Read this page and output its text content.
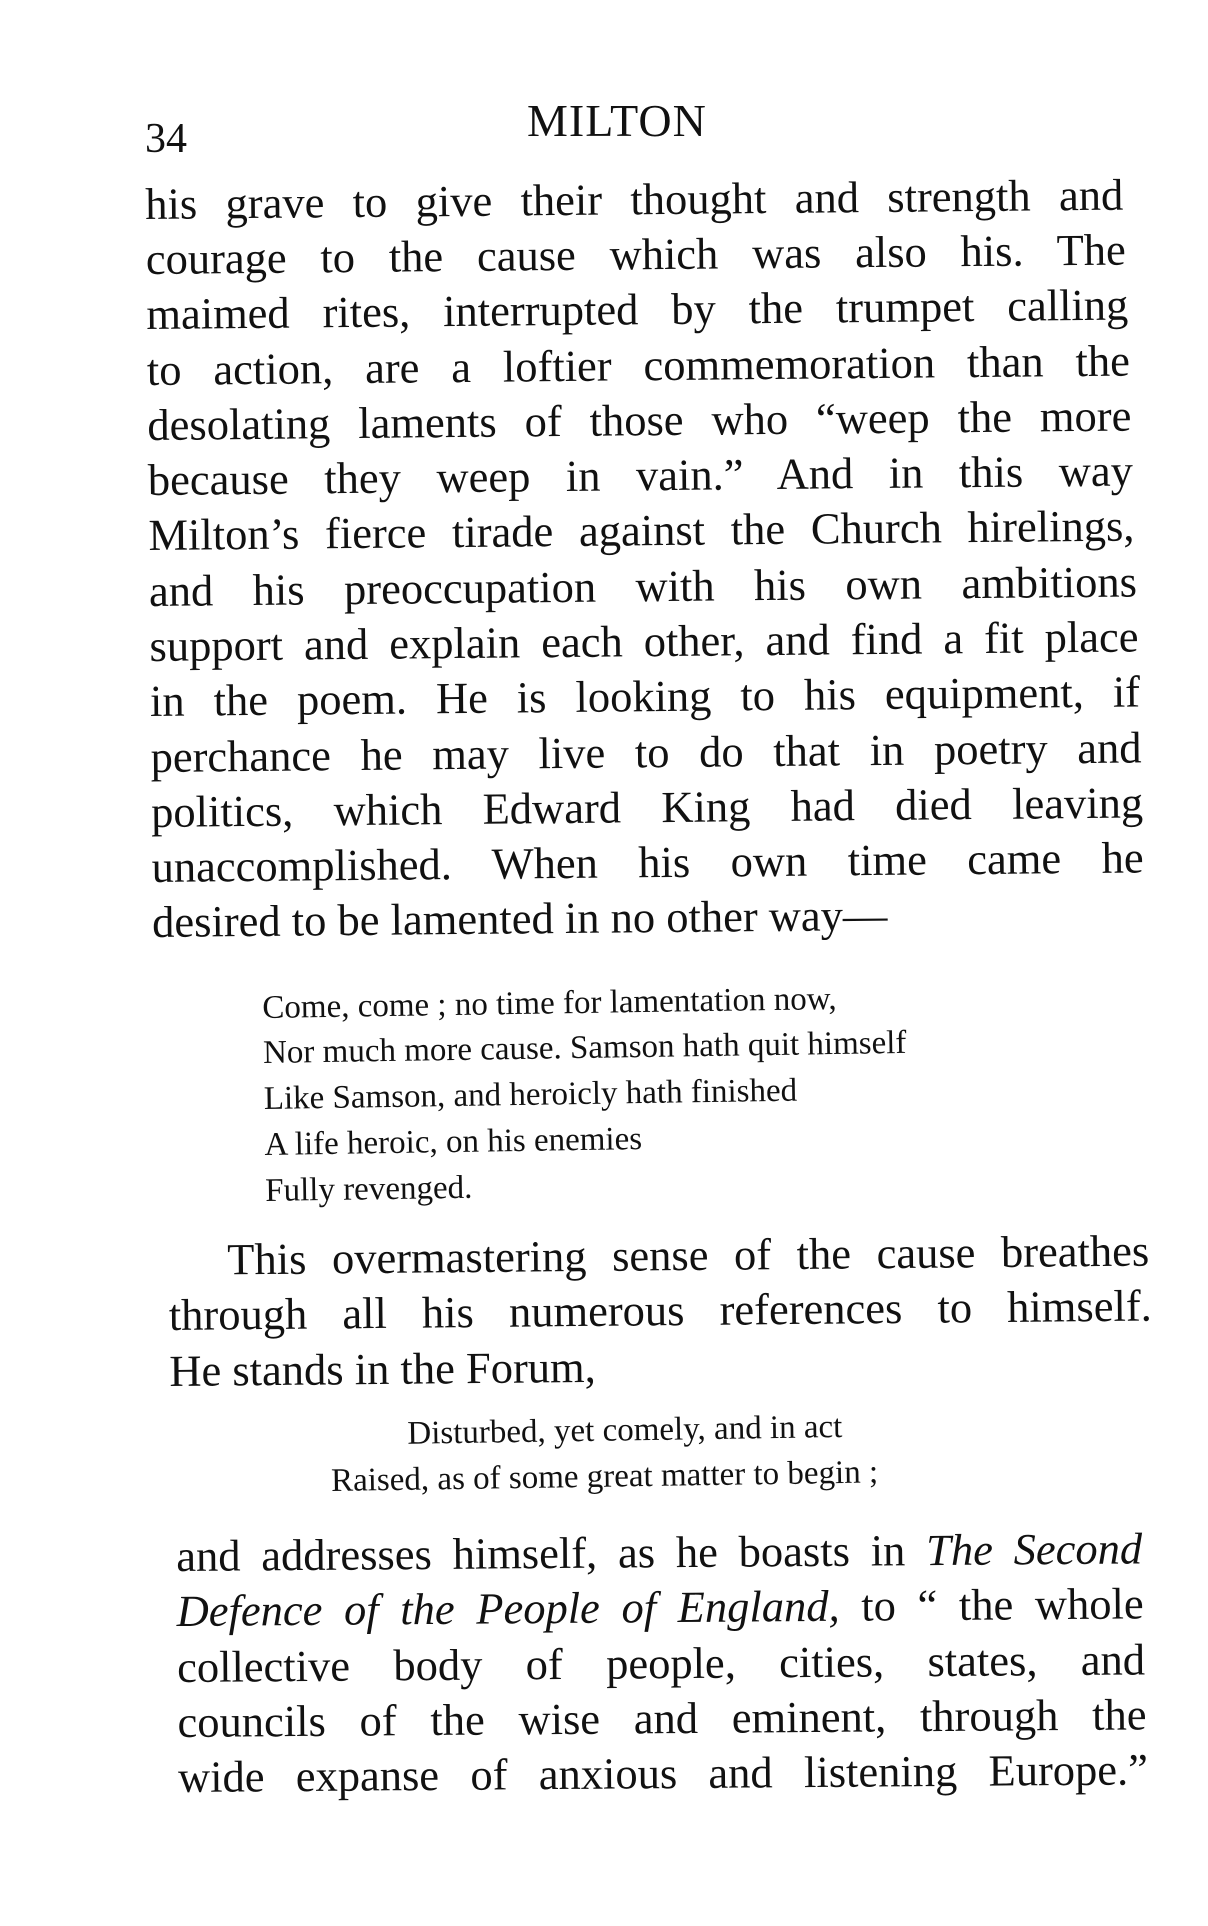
34	MILTON
his grave to give their thought and strength and
courage to the cause which was also his. The
maimed rites, interrupted by the trumpet calling
to action, are a loftier commemoration than the
desolating laments of those who “weep the more
because they weep in vain.” And in this way
Milton’s fierce tirade against the Church hirelings,
and his preoccupation with his own ambitions
support and explain each other, and find a fit place
in the poem. He is looking to his equipment, if
perchance he may live to do that in poetry and
politics, which Edward King had died leaving
unaccomplished. When his own time came he
desired to be lamented in no other way—
Come, come ; no time for lamentation now,
Nor much more cause. Samson hath quit himself
Like Samson, and heroicly hath finished
A life heroic, on his enemies
Fully revenged.
This overmastering sense of the cause breathes
through all his numerous references to himself.
He stands in the Forum,
Disturbed, yet comely, and in act
Raised, as of some great matter to begin ;
and addresses himself, as he boasts in The Second
Defence of the People of England, to “ the whole
collective body of people, cities, states, and
councils of the wise and eminent, through the
wide expanse of anxious and listening Europe.”
